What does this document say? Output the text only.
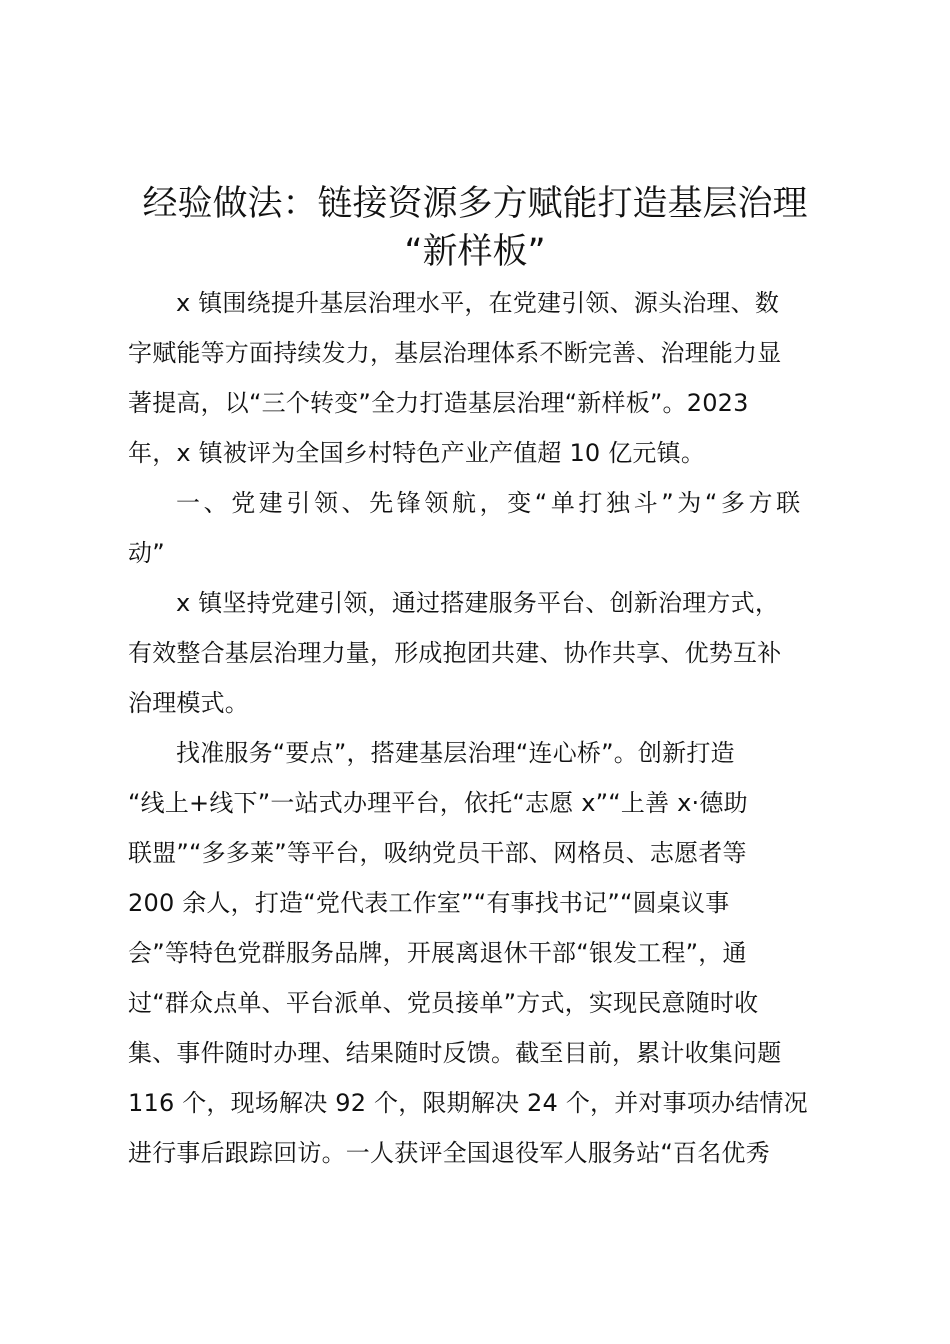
经验做法：链接资源多方赋能打造基层治理
“新样板”
x 镇围绕提升基层治理水平，在党建引领、源头治理、数
字赋能等方面持续发力，基层治理体系不断完善、治理能力显
著提高，以“三个转变”全力打造基层治理“新样板”。2023
年，x 镇被评为全国乡村特色产业产值超 10 亿元镇。
一、党建引领、先锋领航，变“单打独斗”为“多方联
动”
x 镇坚持党建引领，通过搭建服务平台、创新治理方式，
有效整合基层治理力量，形成抱团共建、协作共享、优势互补
治理模式。
找准服务“要点”，搭建基层治理“连心桥”。创新打造
“线上+线下”一站式办理平台，依托“志愿 x”“上善 x·德助
联盟”“多多莱”等平台，吸纳党员干部、网格员、志愿者等
200 余人，打造“党代表工作室”“有事找书记”“圆桌议事
会”等特色党群服务品牌，开展离退休干部“银发工程”，通
过“群众点单、平台派单、党员接单”方式，实现民意随时收
集、事件随时办理、结果随时反馈。截至目前，累计收集问题
116 个，现场解决 92 个，限期解决 24 个，并对事项办结情况
进行事后跟踪回访。一人获评全国退役军人服务站“百名优秀
